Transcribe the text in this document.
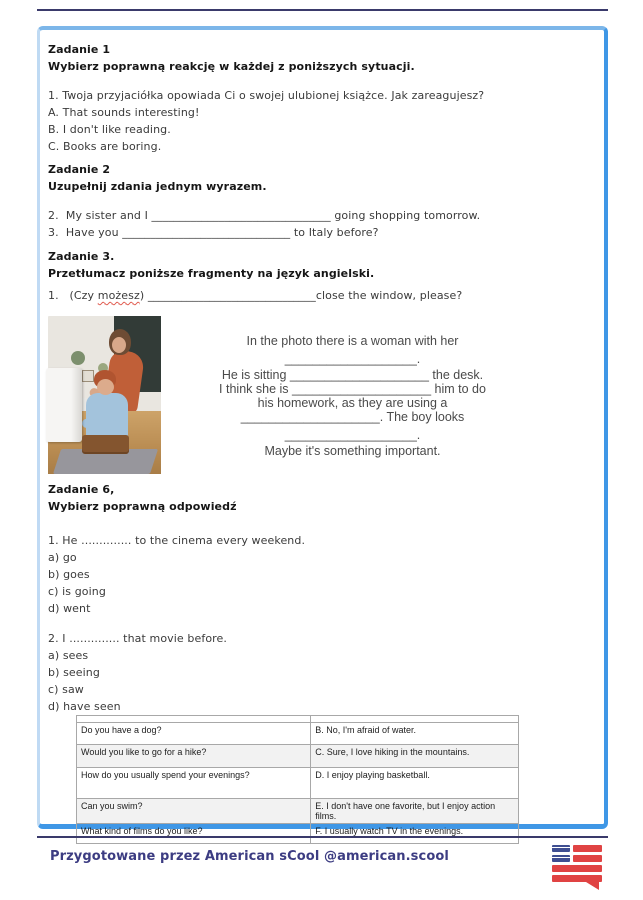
Zadanie 1
Wybierz poprawną reakcję w każdej z poniższych sytuacji.
1. Twoja przyjaciółka opowiada Ci o swojej ulubionej książce. Jak zareagujesz?
A. That sounds interesting!
B. I don't like reading.
C. Books are boring.
Zadanie 2
Uzupełnij zdania jednym wyrazem.
2.  My sister and I ________________________________ going shopping tomorrow.
3.  Have you ______________________________ to Italy before?
Zadanie 3.
Przetłumacz poniższe fragmenty na język angielski.
1.   (Czy możesz) ______________________________close the window, please?
In the photo there is a woman with her
___________________.
He is sitting ____________________ the desk.
I think she is ____________________ him to do
his homework, as they are using a
____________________. The boy looks
___________________.
Maybe it's something important.
Zadanie 6,
Wybierz poprawną odpowiedź
1. He .............. to the cinema every weekend.
a) go
b) goes
c) is going
d) went
2. I .............. that movie before.
a) sees
b) seeing
c) saw
d) have seen

Do you have a dog?	B. No, I'm afraid of water.
Would you like to go for a hike?	C. Sure, I love hiking in the mountains.
How do you usually spend your evenings?	D. I enjoy playing basketball.
Can you swim?	E. I don't have one favorite, but I enjoy action films.
What kind of films do you like?	F. I usually watch TV in the evenings.
Przygotowane przez American sCool @american.scool
